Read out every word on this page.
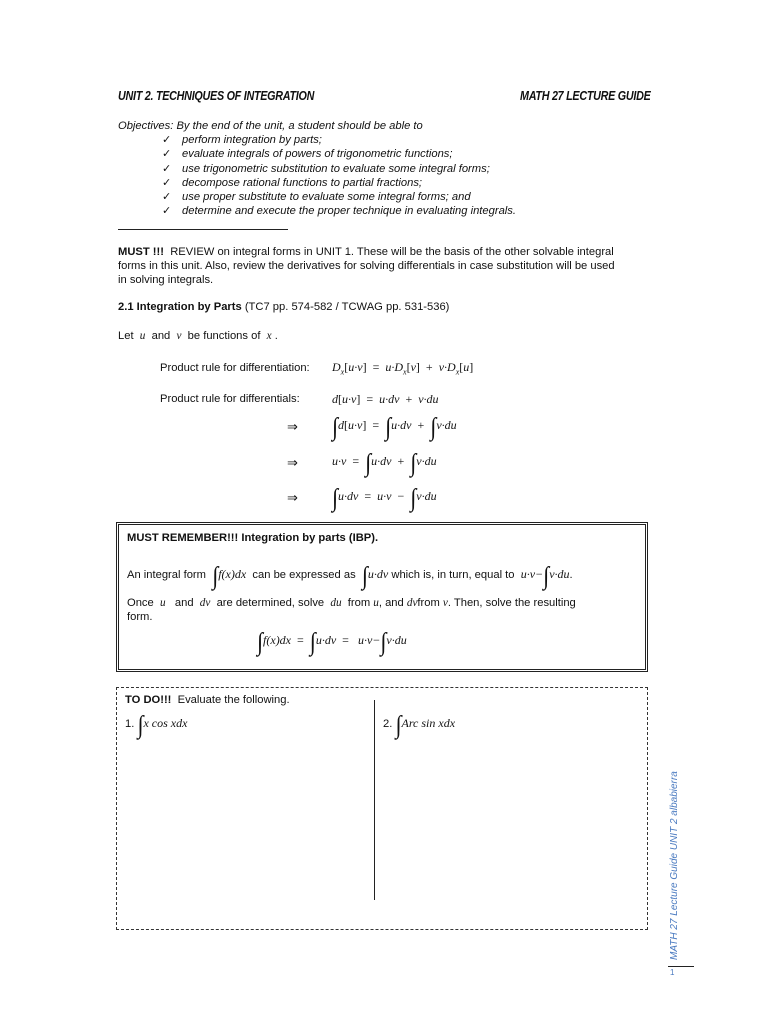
UNIT 2. TECHNIQUES OF INTEGRATION	MATH 27 LECTURE GUIDE
Objectives: By the end of the unit, a student should be able to
✓ perform integration by parts;
✓ evaluate integrals of powers of trigonometric functions;
✓ use trigonometric substitution to evaluate some integral forms;
✓ decompose rational functions to partial fractions;
✓ use proper substitute to evaluate some integral forms; and
✓ determine and execute the proper technique in evaluating integrals.
MUST !!! REVIEW on integral forms in UNIT 1. These will be the basis of the other solvable integral
forms in this unit. Also, review the derivatives for solving differentials in case substitution will be used
in solving integrals.
2.1 Integration by Parts (TC7 pp. 574-582 / TCWAG pp. 531-536)
Let u and v be functions of x .
Product rule for differentiation: $D_x[u\cdot v] = u\cdot D_x[v] + v\cdot D_x[u]$
Product rule for differentials:	d[u·v]  =  u·dv  +  v·du
⇒ ∫d[u·v]  =  ∫u·dv  +  ∫v·du
⇒	u·v  =  ∫u·dv  +  ∫v·du
⇒ ∫u·dv  =  u·v  −  ∫v·du
MUST REMEMBER!!! Integration by parts (IBP).
An integral form ∫f(x)dx can be expressed as ∫u·dv which is, in turn, equal to u·v−∫v·du.
Once u and dv are determined, solve du from u, and dvfrom v. Then, solve the resulting
form.
∫f(x)dx  =  ∫u·dv  =   u·v−∫v·du
TO DO!!! Evaluate the following.
1. ∫x cos xdx	2. ∫Arc sin xdx
MATH 27 Lecture Guide UNIT 2 albabierra
1
